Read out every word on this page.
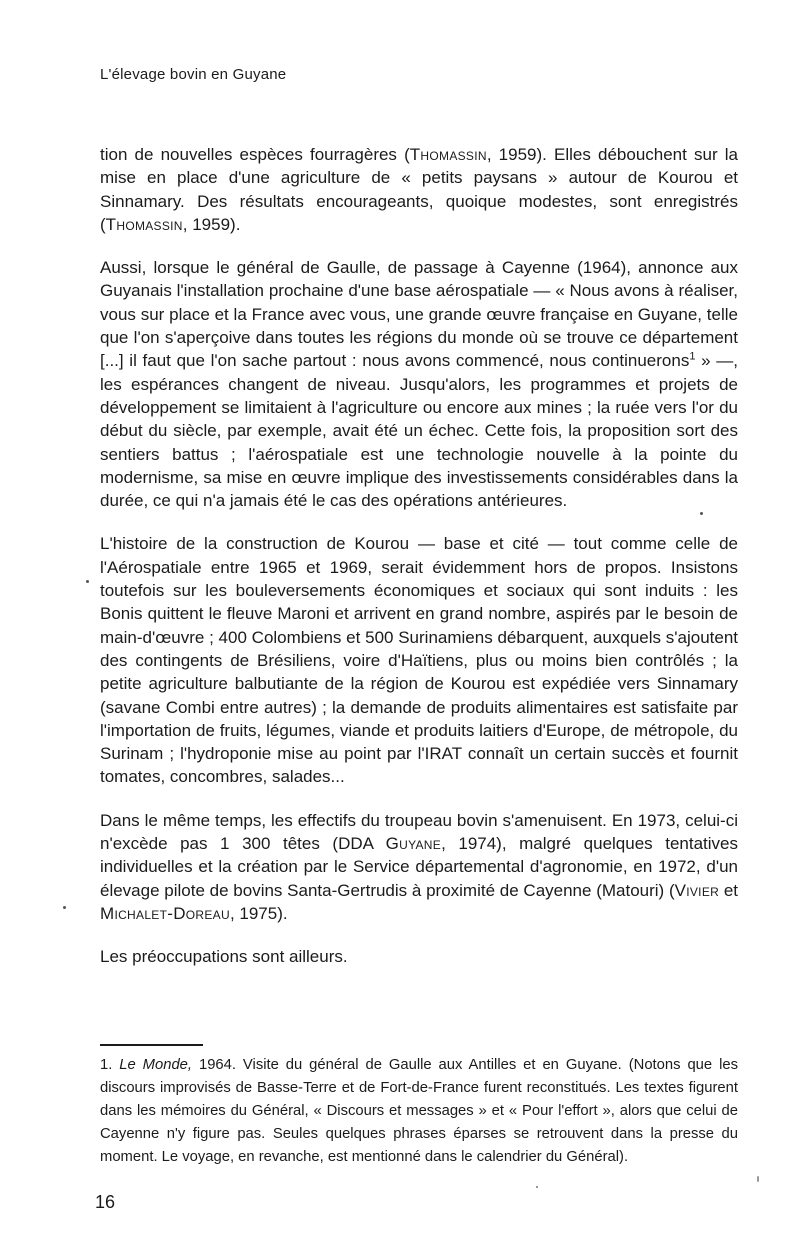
L'élevage bovin en Guyane

tion de nouvelles espèces fourragères (Thomassin, 1959). Elles débouchent sur la mise en place d'une agriculture de « petits paysans » autour de Kourou et Sinnamary. Des résultats encourageants, quoique modestes, sont enregistrés (Thomassin, 1959).

Aussi, lorsque le général de Gaulle, de passage à Cayenne (1964), annonce aux Guyanais l'installation prochaine d'une base aérospatiale — « Nous avons à réaliser, vous sur place et la France avec vous, une grande œuvre française en Guyane, telle que l'on s'aperçoive dans toutes les régions du monde où se trouve ce département [...] il faut que l'on sache partout : nous avons commencé, nous continuerons$^1$ » —, les espérances changent de niveau. Jusqu'alors, les programmes et projets de développement se limitaient à l'agriculture ou encore aux mines ; la ruée vers l'or du début du siècle, par exemple, avait été un échec. Cette fois, la proposition sort des sentiers battus ; l'aérospatiale est une technologie nouvelle à la pointe du modernisme, sa mise en œuvre implique des investissements considérables dans la durée, ce qui n'a jamais été le cas des opérations antérieures.

L'histoire de la construction de Kourou — base et cité — tout comme celle de l'Aérospatiale entre 1965 et 1969, serait évidemment hors de propos. Insistons toutefois sur les bouleversements économiques et sociaux qui sont induits : les Bonis quittent le fleuve Maroni et arrivent en grand nombre, aspirés par le besoin de main-d'œuvre ; 400 Colombiens et 500 Surinamiens débarquent, auxquels s'ajoutent des contingents de Brésiliens, voire d'Haïtiens, plus ou moins bien contrôlés ; la petite agriculture balbutiante de la région de Kourou est expédiée vers Sinnamary (savane Combi entre autres) ; la demande de produits alimentaires est satisfaite par l'importation de fruits, légumes, viande et produits laitiers d'Europe, de métropole, du Surinam ; l'hydroponie mise au point par l'IRAT connaît un certain succès et fournit tomates, concombres, salades...

Dans le même temps, les effectifs du troupeau bovin s'amenuisent. En 1973, celui-ci n'excède pas 1 300 têtes (DDA Guyane, 1974), malgré quelques tentatives individuelles et la création par le Service départemental d'agronomie, en 1972, d'un élevage pilote de bovins Santa-Gertrudis à proximité de Cayenne (Matouri) (Vivier et Michalet-Doreau, 1975).

Les préoccupations sont ailleurs.

1. Le Monde, 1964. Visite du général de Gaulle aux Antilles et en Guyane. (Notons que les discours improvisés de Basse-Terre et de Fort-de-France furent reconstitués. Les textes figurent dans les mémoires du Général, « Discours et messages » et « Pour l'effort », alors que celui de Cayenne n'y figure pas. Seules quelques phrases éparses se retrouvent dans la presse du moment. Le voyage, en revanche, est mentionné dans le calendrier du Général).

16
